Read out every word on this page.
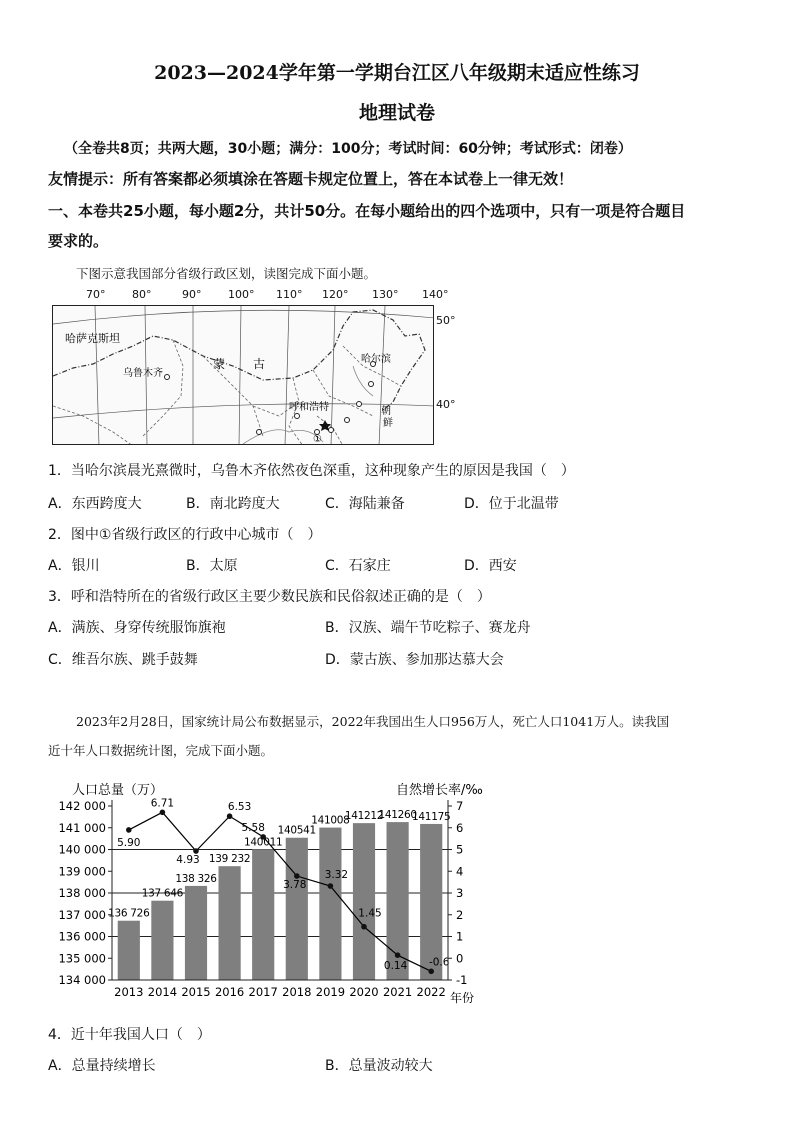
2023—2024学年第一学期台江区八年级期末适应性练习
地理试卷
（全卷共8页；共两大题，30小题；满分：100分；考试时间：60分钟；考试形式：闭卷）
友情提示：所有答案都必须填涂在答题卡规定位置上，答在本试卷上一律无效！
一、本卷共25小题，每小题2分，共计50分。在每小题给出的四个选项中，只有一项是符合题目
要求的。
下图示意我国部分省级行政区划，读图完成下面小题。
70° 80°	90° 100° 110° 120° 130° 140°
50°
40°
哈萨克斯坦
蒙 古
乌鲁木齐
哈尔滨
呼和浩特	朝
鲜
①
1．当哈尔滨晨光熹微时，乌鲁木齐依然夜色深重，这种现象产生的原因是我国（　）
A．东西跨度大	B．南北跨度大	C．海陆兼备	D．位于北温带
2．图中①省级行政区的行政中心城市（　）
A．银川	B．太原	C．石家庄	D．西安
3．呼和浩特所在的省级行政区主要少数民族和民俗叙述正确的是（　）
A．满族、身穿传统服饰旗袍	B．汉族、端午节吃粽子、赛龙舟
C．维吾尔族、跳手鼓舞	D．蒙古族、参加那达慕大会
2023年2月28日，国家统计局公布数据显示，2022年我国出生人口956万人，死亡人口1041万人。读我国
近十年人口数据统计图，完成下面小题。
人口总量（万）	自然增长率/‰
年份
136 726
137 646
138 326
139 232
140011
140541
141008
141212
141260
141175
5.90
6.71
4.93
6.53
5.58
3.78
3.32
1.45
0.14 -0.6
142 000
141 000
140 000
139 000
138 000
137 000
136 000
135 000
134 000
7
6
5
4
3
2
1
0
-1
2013 2014 2015 2016 2017 2018 2019 2020 2021 2022
4．近十年我国人口（　）
A．总量持续增长	B．总量波动较大
